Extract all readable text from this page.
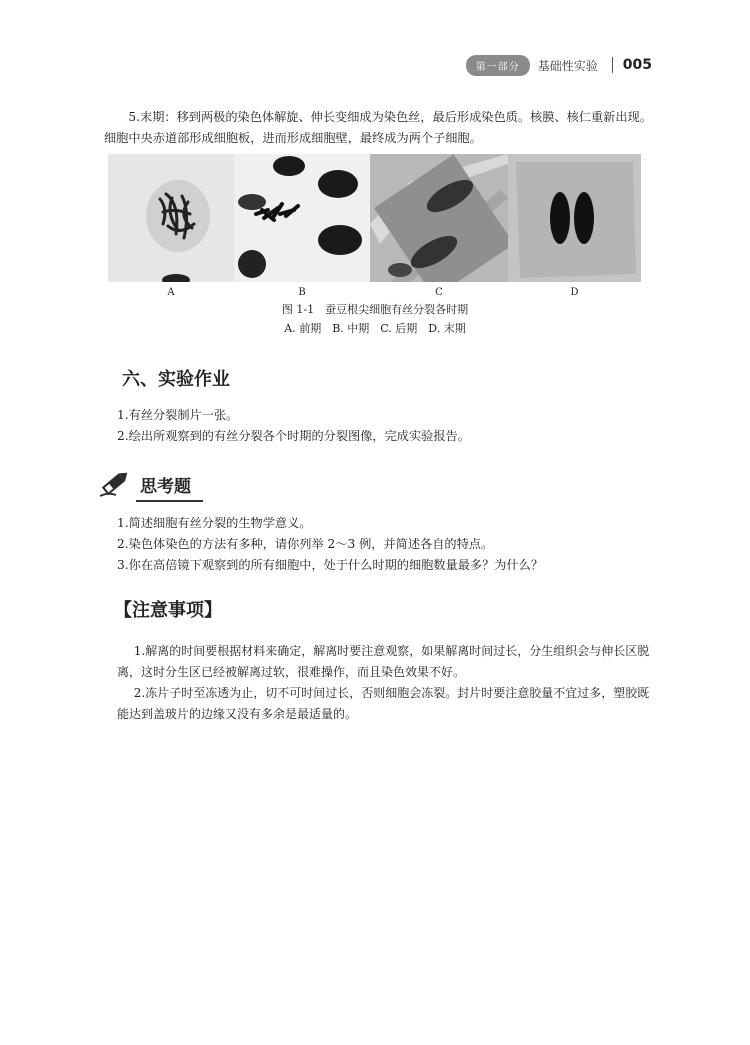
第一部分	基础性实验 005

5.末期：移到两极的染色体解旋、伸长变细成为染色丝，最后形成染色质。核膜、核仁重新出现。细胞中央赤道部形成细胞板，进而形成细胞壁，最终成为两个子细胞。

A	B	C	D
图 1-1　蚕豆根尖细胞有丝分裂各时期
A. 前期　B. 中期　C. 后期　D. 末期
六、实验作业
1.有丝分裂制片一张。
2.绘出所观察到的有丝分裂各个时期的分裂图像，完成实验报告。
思考题
1.简述细胞有丝分裂的生物学意义。
2.染色体染色的方法有多种，请你列举 2～3 例，并简述各自的特点。
3.你在高倍镜下观察到的所有细胞中，处于什么时期的细胞数量最多？为什么？
【注意事项】

1.解离的时间要根据材料来确定，解离时要注意观察，如果解离时间过长，分生组织会与伸长区脱离，这时分生区已经被解离过软，很难操作，而且染色效果不好。

2.冻片子时至冻透为止，切不可时间过长，否则细胞会冻裂。封片时要注意胶量不宜过多，塑胶既能达到盖玻片的边缘又没有多余是最适量的。
